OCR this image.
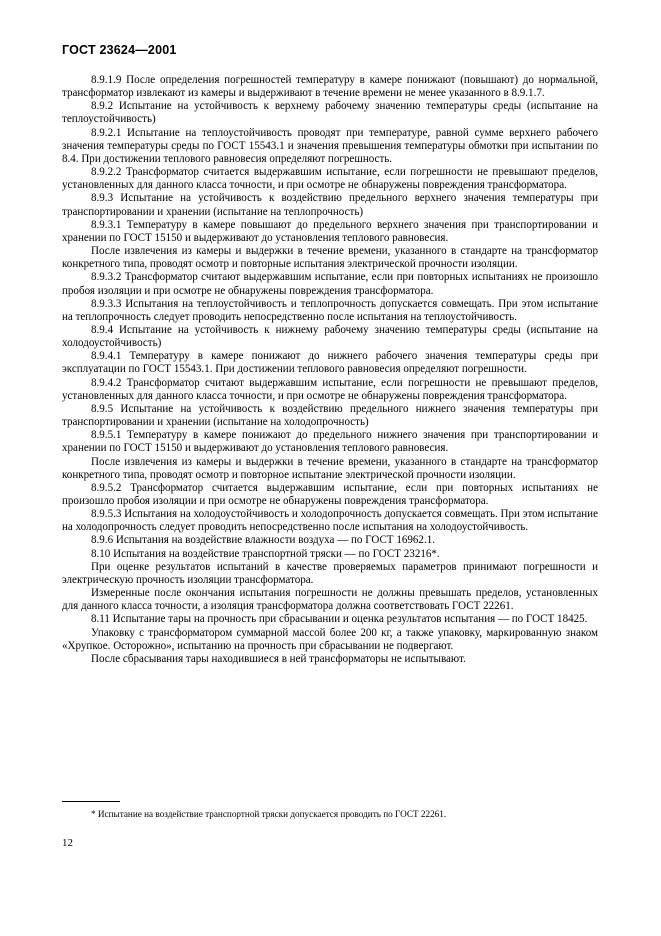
ГОСТ 23624—2001

8.9.1.9 После определения погрешностей температуру в камере понижают (повышают) до нормальной, трансформатор извлекают из камеры и выдерживают в течение времени не менее указанного в 8.9.1.7.

8.9.2 Испытание на устойчивость к верхнему рабочему значению температуры среды (испытание на теплоустойчивость)

8.9.2.1 Испытание на теплоустойчивость проводят при температуре, равной сумме верхнего рабочего значения температуры среды по ГОСТ 15543.1 и значения превышения температуры обмотки при испытании по 8.4. При достижении теплового равновесия определяют погрешность.

8.9.2.2 Трансформатор считается выдержавшим испытание, если погрешности не превышают пределов, установленных для данного класса точности, и при осмотре не обнаружены повреждения трансформатора.

8.9.3 Испытание на устойчивость к воздействию предельного верхнего значения температуры при транспортировании и хранении (испытание на теплопрочность)

8.9.3.1 Температуру в камере повышают до предельного верхнего значения при транспортировании и хранении по ГОСТ 15150 и выдерживают до установления теплового равновесия.

После извлечения из камеры и выдержки в течение времени, указанного в стандарте на трансформатор конкретного типа, проводят осмотр и повторные испытания электрической прочности изоляции.

8.9.3.2 Трансформатор считают выдержавшим испытание, если при повторных испытаниях не произошло пробоя изоляции и при осмотре не обнаружены повреждения трансформатора.

8.9.3.3 Испытания на теплоустойчивость и теплопрочность допускается совмещать. При этом испытание на теплопрочность следует проводить непосредственно после испытания на теплоустойчивость.

8.9.4 Испытание на устойчивость к нижнему рабочему значению температуры среды (испытание на холодоустойчивость)

8.9.4.1 Температуру в камере понижают до нижнего рабочего значения температуры среды при эксплуатации по ГОСТ 15543.1. При достижении теплового равновесия определяют погрешности.

8.9.4.2 Трансформатор считают выдержавшим испытание, если погрешности не превышают пределов, установленных для данного класса точности, и при осмотре не обнаружены повреждения трансформатора.

8.9.5 Испытание на устойчивость к воздействию предельного нижнего значения температуры при транспортировании и хранении (испытание на холодопрочность)

8.9.5.1 Температуру в камере понижают до предельного нижнего значения при транспортировании и хранении по ГОСТ 15150 и выдерживают до установления теплового равновесия.

После извлечения из камеры и выдержки в течение времени, указанного в стандарте на трансформатор конкретного типа, проводят осмотр и повторное испытание электрической прочности изоляции.

8.9.5.2 Трансформатор считается выдержавшим испытание, если при повторных испытаниях не произошло пробоя изоляции и при осмотре не обнаружены повреждения трансформатора.

8.9.5.3 Испытания на холодоустойчивость и холодопрочность допускается совмещать. При этом испытание на холодопрочность следует проводить непосредственно после испытания на холодоустойчивость.

8.9.6 Испытания на воздействие влажности воздуха — по ГОСТ 16962.1.

8.10 Испытания на воздействие транспортной тряски — по ГОСТ 23216*.

При оценке результатов испытаний в качестве проверяемых параметров принимают погрешности и электрическую прочность изоляции трансформатора.

Измеренные после окончания испытания погрешности не должны превышать пределов, установленных для данного класса точности, а изоляция трансформатора должна соответствовать ГОСТ 22261.

8.11 Испытание тары на прочность при сбрасывании и оценка результатов испытания — по ГОСТ 18425.

Упаковку с трансформатором суммарной массой более 200 кг, а также упаковку, маркированную знаком «Хрупкое. Осторожно», испытанию на прочность при сбрасывании не подвергают.

После сбрасывания тары находившиеся в ней трансформаторы не испытывают.

* Испытание на воздействие транспортной тряски допускается проводить по ГОСТ 22261.
12
